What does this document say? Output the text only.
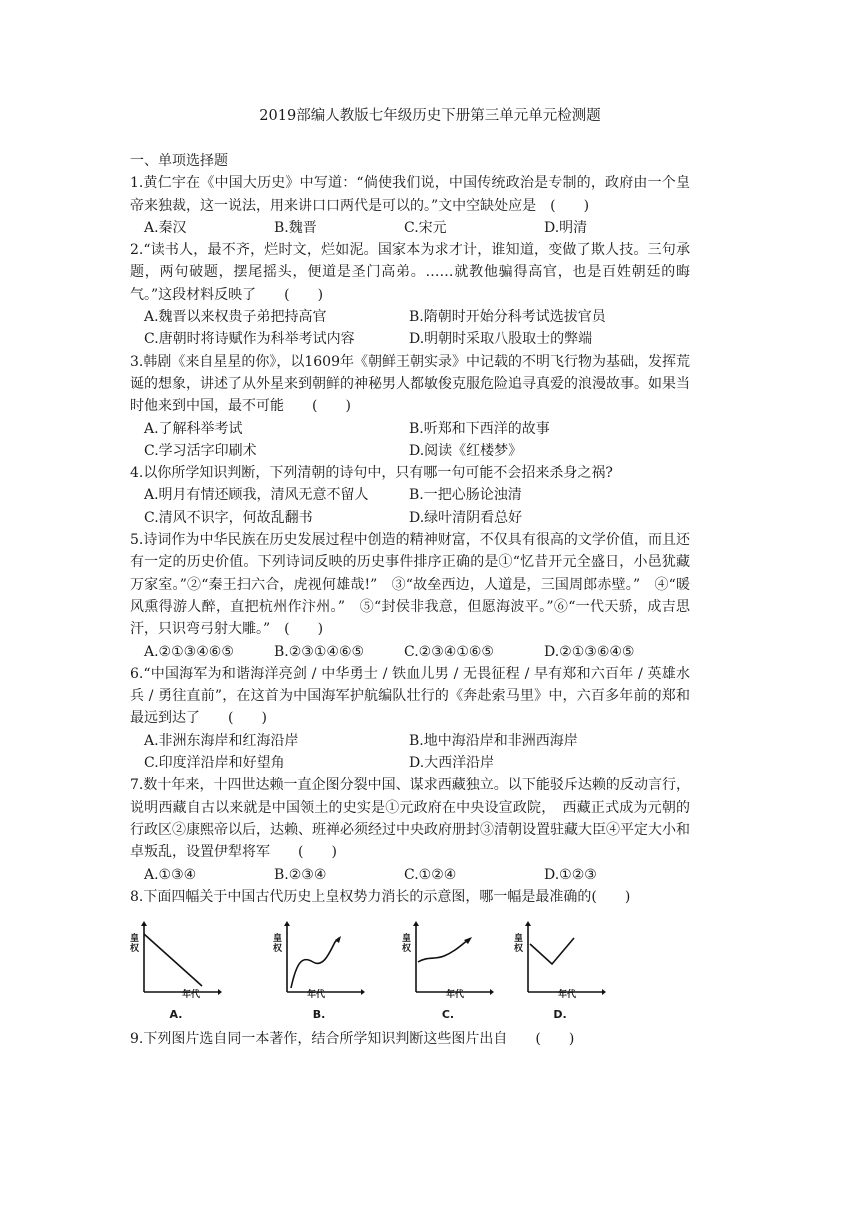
2019部编人教版七年级历史下册第三单元单元检测题

一、单项选择题

1.黄仁宇在《中国大历史》中写道：“倘使我们说，中国传统政治是专制的，政府由一个皇帝来独裁，这一说法，用来讲口口两代是可以的。”文中空缺处应是　(　　)

A.秦汉	B.魏晋	C.宋元	D.明清

2.“读书人，最不齐，烂时文，烂如泥。国家本为求才计，谁知道，变做了欺人技。三句承题，两句破题，摆尾摇头，便道是圣门高弟。……就教他骗得高官，也是百姓朝廷的晦气。”这段材料反映了　　(　　)

A.魏晋以来权贵子弟把持高官	B.隋朝时开始分科考试选拔官员
C.唐朝时将诗赋作为科举考试内容	D.明朝时采取八股取士的弊端

3.韩剧《来自星星的你》，以1609年《朝鲜王朝实录》中记载的不明飞行物为基础，发挥荒诞的想象，讲述了从外星来到朝鲜的神秘男人都敏俊克服危险追寻真爱的浪漫故事。如果当时他来到中国，最不可能　　(　　)

A.了解科举考试	B.听郑和下西洋的故事
C.学习活字印刷术	D.阅读《红楼梦》

4.以你所学知识判断，下列清朝的诗句中，只有哪一句可能不会招来杀身之祸?

A.明月有情还顾我，清风无意不留人	B.一把心肠论浊清
C.清风不识字，何故乱翻书	D.绿叶清阴看总好

5.诗词作为中华民族在历史发展过程中创造的精神财富，不仅具有很高的文学价值，而且还有一定的历史价值。下列诗词反映的历史事件排序正确的是①“忆昔开元全盛日，小邑犹藏万家室。”②“秦王扫六合，虎视何雄哉!”　③“故垒西边，人道是，三国周郎赤壁。”　④“暖风熏得游人醉，直把杭州作汴州。”　⑤“封侯非我意，但愿海波平。”⑥“一代天骄，成吉思汗，只识弯弓射大雕。”　(　　)

A.②①③④⑥⑤	B.②③①④⑥⑤	C.②③④①⑥⑤	D.②①③⑥④⑤

6.“中国海军为和谐海洋亮剑 / 中华勇士 / 铁血儿男 / 无畏征程 / 早有郑和六百年 / 英雄水兵 / 勇往直前”，在这首为中国海军护航编队壮行的《奔赴索马里》中，六百多年前的郑和最远到达了　　(　　)

A.非洲东海岸和红海沿岸	B.地中海沿岸和非洲西海岸
C.印度洋沿岸和好望角	D.大西洋沿岸

7.数十年来，十四世达赖一直企图分裂中国、谋求西藏独立。以下能驳斥达赖的反动言行，说明西藏自古以来就是中国领土的史实是①元政府在中央设宣政院，　西藏正式成为元朝的行政区②康熙帝以后，达赖、班禅必须经过中央政府册封③清朝设置驻藏大臣④平定大小和卓叛乱，设置伊犁将军　　(　　)

A.①③④	B.②③④	C.①②④	D.①②③

8.下面四幅关于中国古代历史上皇权势力消长的示意图，哪一幅是最准确的(　　)

皇权
年代
A.
皇权
年代
B.
皇权
年代
C.
皇权
年代
D.

9.下列图片选自同一本著作，结合所学知识判断这些图片出自　　(　　)
